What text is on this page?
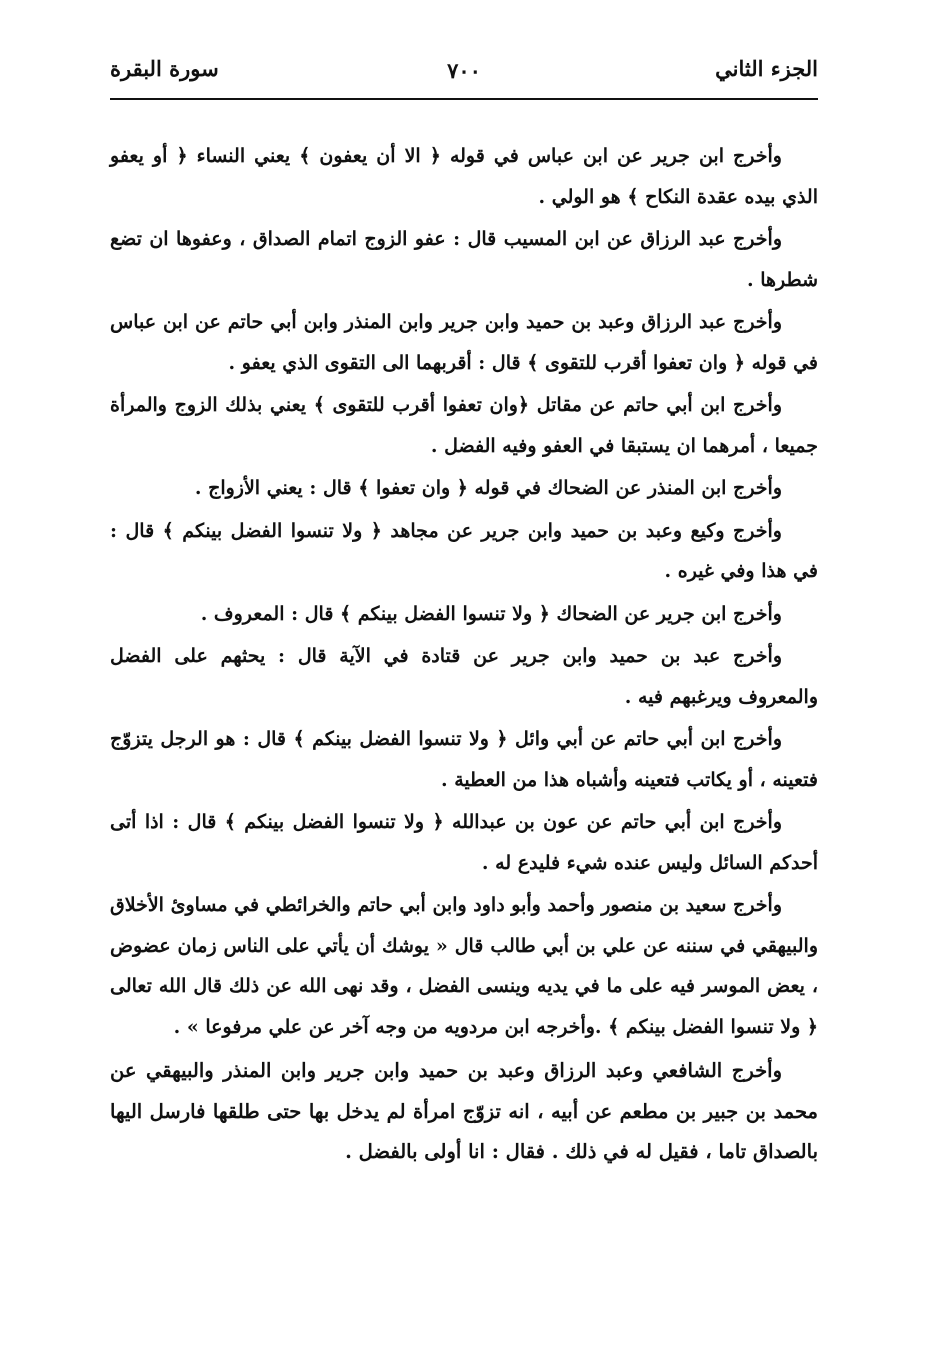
الجزء الثاني
٧٠٠
سورة البقرة

وأخرج ابن جرير عن ابن عباس في قوله ﴿ الا أن يعفون ﴾ يعني النساء ﴿ أو يعفو الذي بيده عقدة النكاح ﴾ هو الولي .

وأخرج عبد الرزاق عن ابن المسيب قال : عفو الزوج اتمام الصداق ، وعفوها ان تضع شطرها .

وأخرج عبد الرزاق وعبد بن حميد وابن جرير وابن المنذر وابن أبي حاتم عن ابن عباس في قوله ﴿ وان تعفوا أقرب للتقوى ﴾ قال : أقربهما الى التقوى الذي يعفو .

وأخرج ابن أبي حاتم عن مقاتل ﴿وان تعفوا أقرب للتقوى ﴾ يعني بذلك الزوج والمرأة جميعا ، أمرهما ان يستبقا في العفو وفيه الفضل .

وأخرج ابن المنذر عن الضحاك في قوله ﴿ وان تعفوا ﴾ قال : يعني الأزواج .

وأخرج وكيع وعبد بن حميد وابن جرير عن مجاهد ﴿ ولا تنسوا الفضل بينكم ﴾ قال : في هذا وفي غيره .

وأخرج ابن جرير عن الضحاك ﴿ ولا تنسوا الفضل بينكم ﴾ قال : المعروف .

وأخرج عبد بن حميد وابن جرير عن قتادة في الآية قال : يحثهم على الفضل والمعروف ويرغبهم فيه .

وأخرج ابن أبي حاتم عن أبي وائل ﴿ ولا تنسوا الفضل بينكم ﴾ قال : هو الرجل يتزوّج فتعينه ، أو يكاتب فتعينه وأشباه هذا من العطية .

وأخرج ابن أبي حاتم عن عون بن عبدالله ﴿ ولا تنسوا الفضل بينكم ﴾ قال : اذا أتى أحدكم السائل وليس عنده شيء فليدع له .

وأخرج سعيد بن منصور وأحمد وأبو داود وابن أبي حاتم والخرائطي في مساوئ الأخلاق والبيهقي في سننه عن علي بن أبي طالب قال « يوشك أن يأتي على الناس زمان عضوض ، يعض الموسر فيه على ما في يديه وينسى الفضل ، وقد نهى الله عن ذلك قال الله تعالى ﴿ ولا تنسوا الفضل بينكم ﴾ .وأخرجه ابن مردويه من وجه آخر عن علي مرفوعا » .

وأخرج الشافعي وعبد الرزاق وعبد بن حميد وابن جرير وابن المنذر والبيهقي عن محمد بن جبير بن مطعم عن أبيه ، انه تزوّج امرأة لم يدخل بها حتى طلقها فارسل اليها بالصداق تاما ، فقيل له في ذلك . فقال : انا أولى بالفضل .
